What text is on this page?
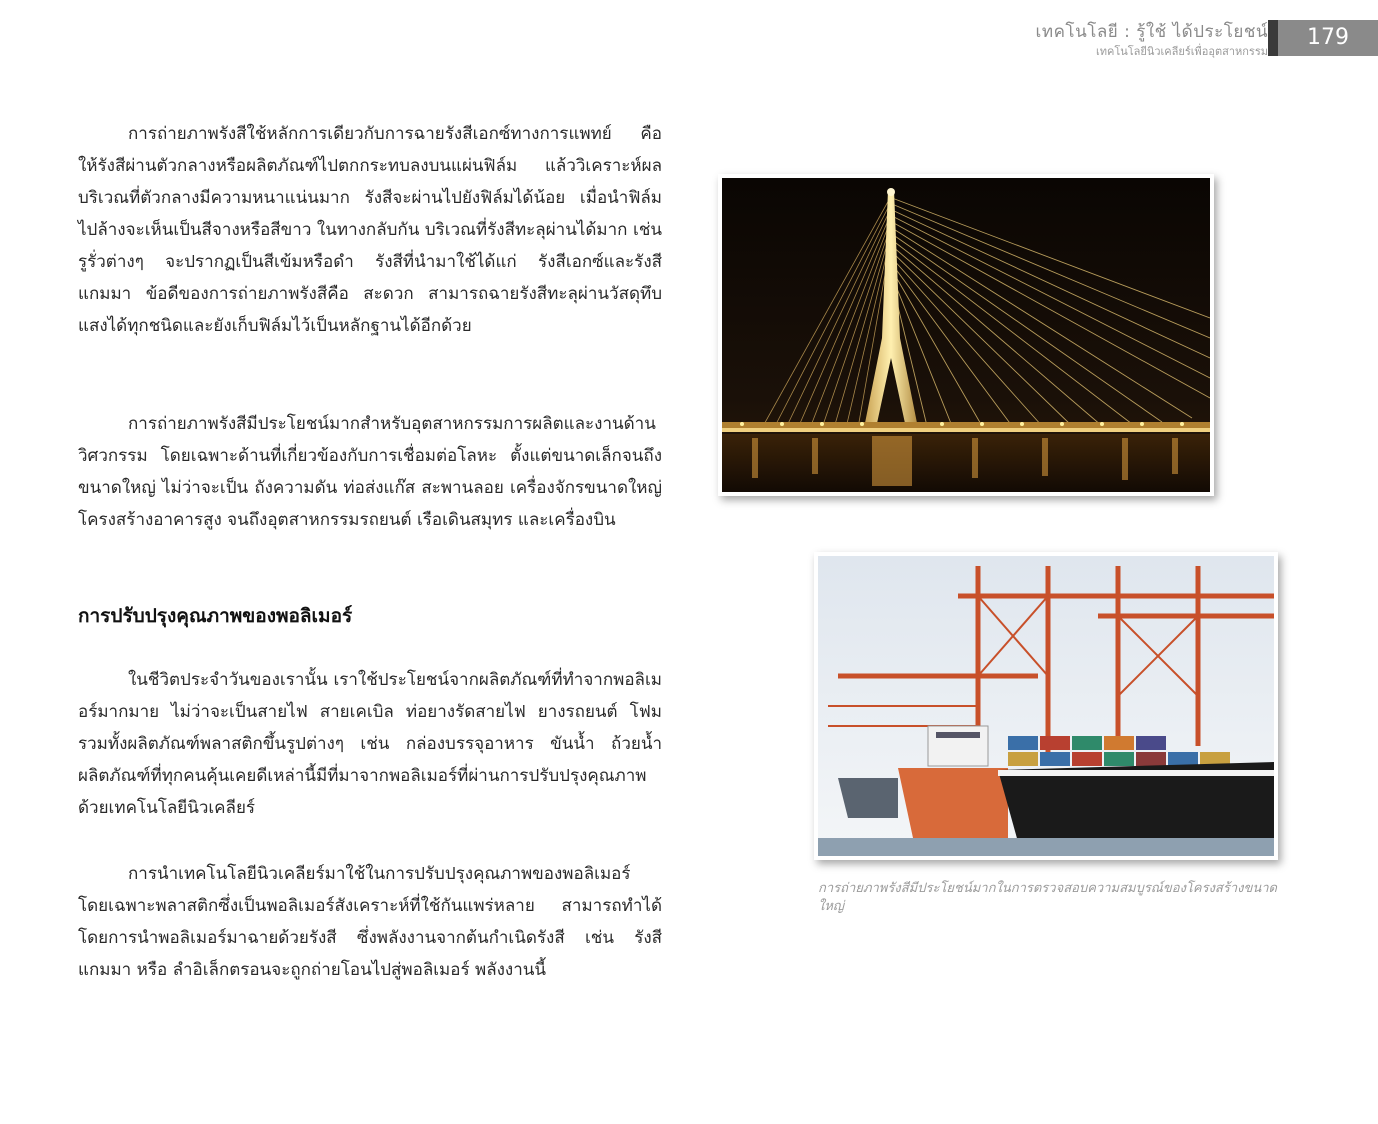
เทคโนโลยี : รู้ใช้ ได้ประโยชน์
เทคโนโลยีนิวเคลียร์เพื่ออุตสาหกรรม
179

การถ่ายภาพรังสีใช้หลักการเดียวกับการฉายรังสีเอกซ์ทางการแพทย์ คือ ให้รังสีผ่านตัวกลางหรือผลิตภัณฑ์ไปตกกระทบลงบนแผ่นฟิล์ม แล้ววิเคราะห์ผล บริเวณที่ตัวกลางมีความหนาแน่นมาก รังสีจะผ่านไปยังฟิล์มได้น้อย เมื่อนำฟิล์มไปล้างจะเห็นเป็นสีจางหรือสีขาว ในทางกลับกัน บริเวณที่รังสีทะลุผ่านได้มาก เช่น รูรั่วต่างๆ จะปรากฏเป็นสีเข้มหรือดำ รังสีที่นำมาใช้ได้แก่ รังสีเอกซ์และรังสีแกมมา ข้อดีของการถ่ายภาพรังสีคือ สะดวก สามารถฉายรังสีทะลุผ่านวัสดุทึบแสงได้ทุกชนิดและยังเก็บฟิล์มไว้เป็นหลักฐานได้อีกด้วย

การถ่ายภาพรังสีมีประโยชน์มากสำหรับอุตสาหกรรมการผลิตและงานด้านวิศวกรรม โดยเฉพาะด้านที่เกี่ยวข้องกับการเชื่อมต่อโลหะ ตั้งแต่ขนาดเล็กจนถึงขนาดใหญ่ ไม่ว่าจะเป็น ถังความดัน ท่อส่งแก๊ส สะพานลอย เครื่องจักรขนาดใหญ่ โครงสร้างอาคารสูง จนถึงอุตสาหกรรมรถยนต์ เรือเดินสมุทร และเครื่องบิน

การปรับปรุงคุณภาพของพอลิเมอร์

ในชีวิตประจำวันของเรานั้น เราใช้ประโยชน์จากผลิตภัณฑ์ที่ทำจากพอลิเมอร์มากมาย ไม่ว่าจะเป็นสายไฟ สายเคเบิล ท่อยางรัดสายไฟ ยางรถยนต์ โฟม รวมทั้งผลิตภัณฑ์พลาสติกขึ้นรูปต่างๆ เช่น กล่องบรรจุอาหาร ขันน้ำ ถ้วยน้ำ ผลิตภัณฑ์ที่ทุกคนคุ้นเคยดีเหล่านี้มีที่มาจากพอลิเมอร์ที่ผ่านการปรับปรุงคุณภาพด้วยเทคโนโลยีนิวเคลียร์

การนำเทคโนโลยีนิวเคลียร์มาใช้ในการปรับปรุงคุณภาพของพอลิเมอร์ โดยเฉพาะพลาสติกซึ่งเป็นพอลิเมอร์สังเคราะห์ที่ใช้กันแพร่หลาย สามารถทำได้โดยการนำพอลิเมอร์มาฉายด้วยรังสี ซึ่งพลังงานจากต้นกำเนิดรังสี เช่น รังสีแกมมา หรือ ลำอิเล็กตรอนจะถูกถ่ายโอนไปสู่พอลิเมอร์ พลังงานนี้

การถ่ายภาพรังสีมีประโยชน์มากในการตรวจสอบความสมบูรณ์ของโครงสร้างขนาดใหญ่
